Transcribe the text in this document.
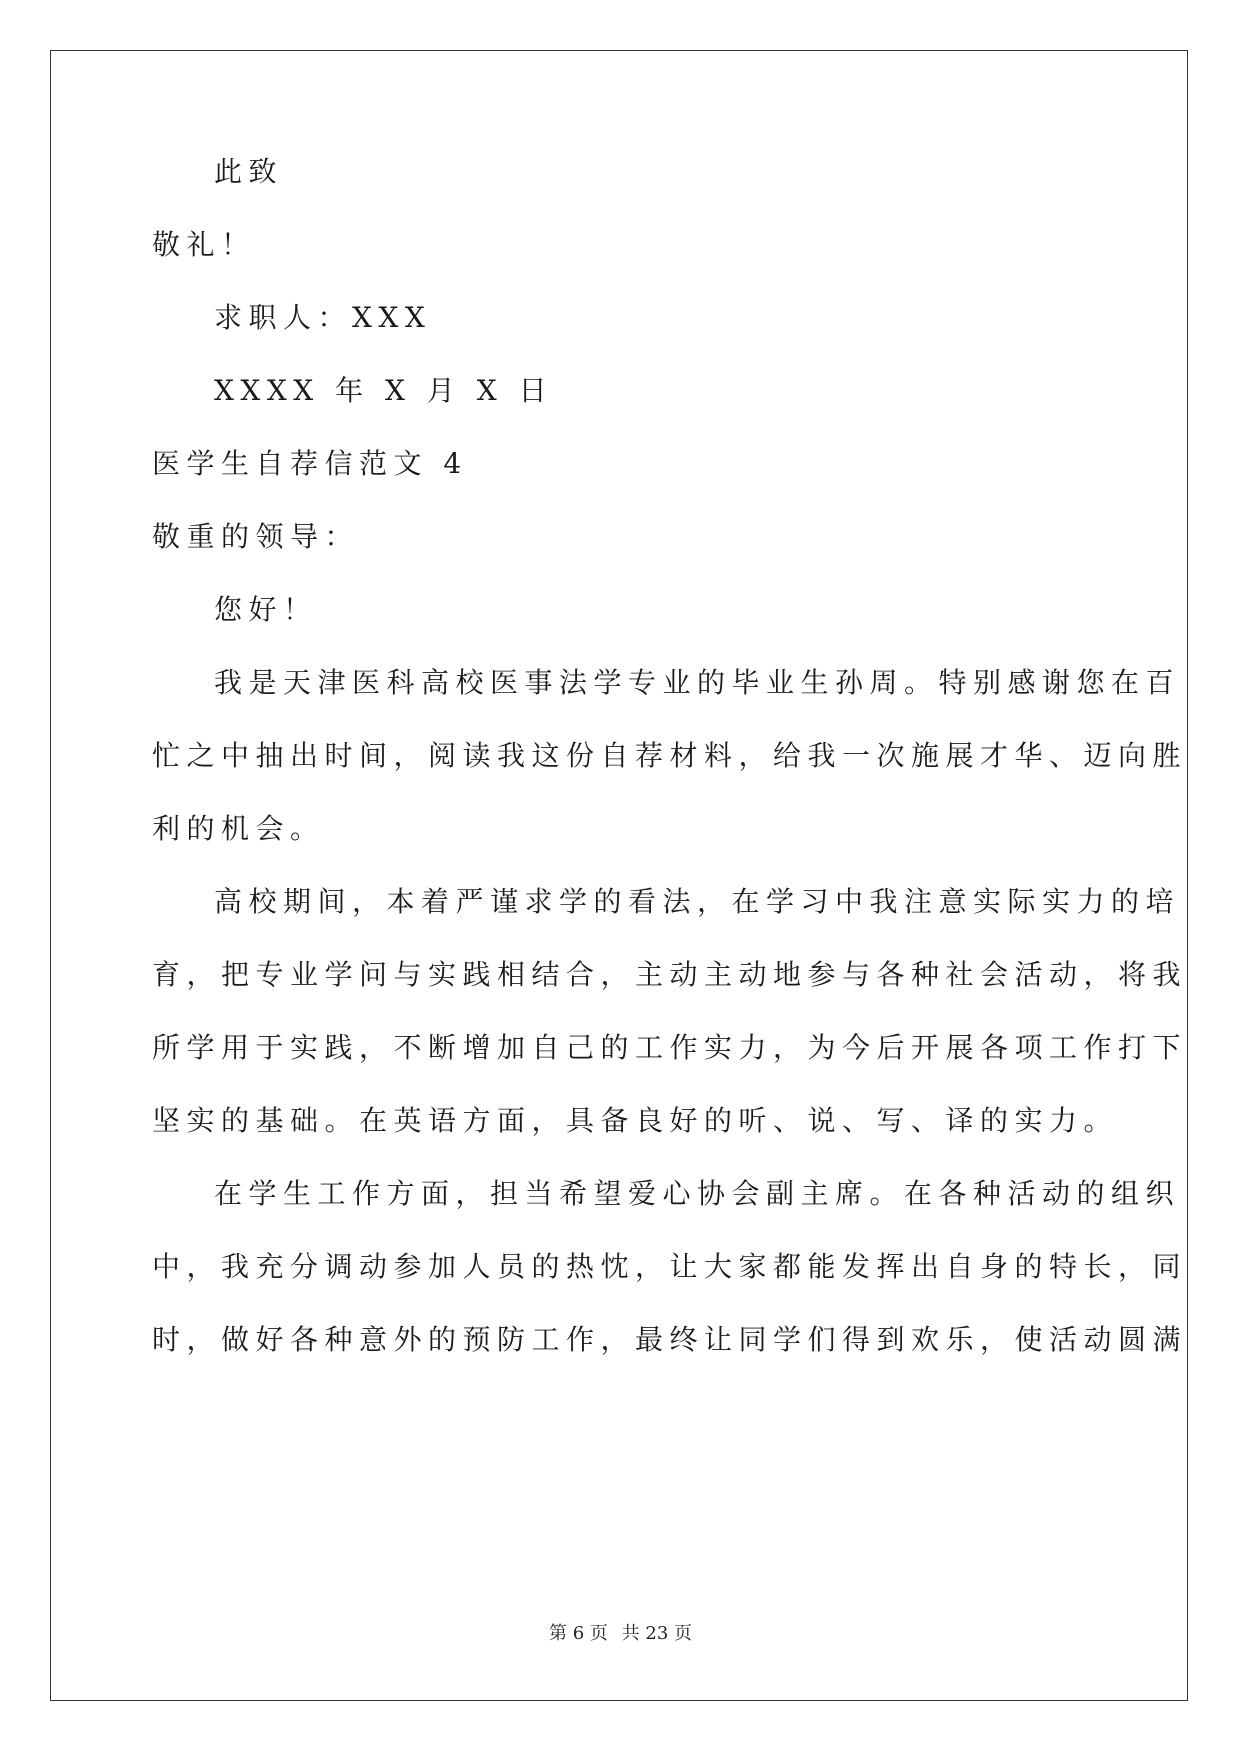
此致
敬礼！
求职人：XXX
XXXX 年 X 月 X 日
医学生自荐信范文 4
敬重的领导：
您好！
我是天津医科高校医事法学专业的毕业生孙周。特别感谢您在百
忙之中抽出时间，阅读我这份自荐材料，给我一次施展才华、迈向胜
利的机会。
高校期间，本着严谨求学的看法，在学习中我注意实际实力的培
育，把专业学问与实践相结合，主动主动地参与各种社会活动，将我
所学用于实践，不断增加自己的工作实力，为今后开展各项工作打下
坚实的基础。在英语方面，具备良好的听、说、写、译的实力。
在学生工作方面，担当希望爱心协会副主席。在各种活动的组织
中，我充分调动参加人员的热忱，让大家都能发挥出自身的特长，同
时，做好各种意外的预防工作，最终让同学们得到欢乐，使活动圆满
第 6 页 共 23 页
